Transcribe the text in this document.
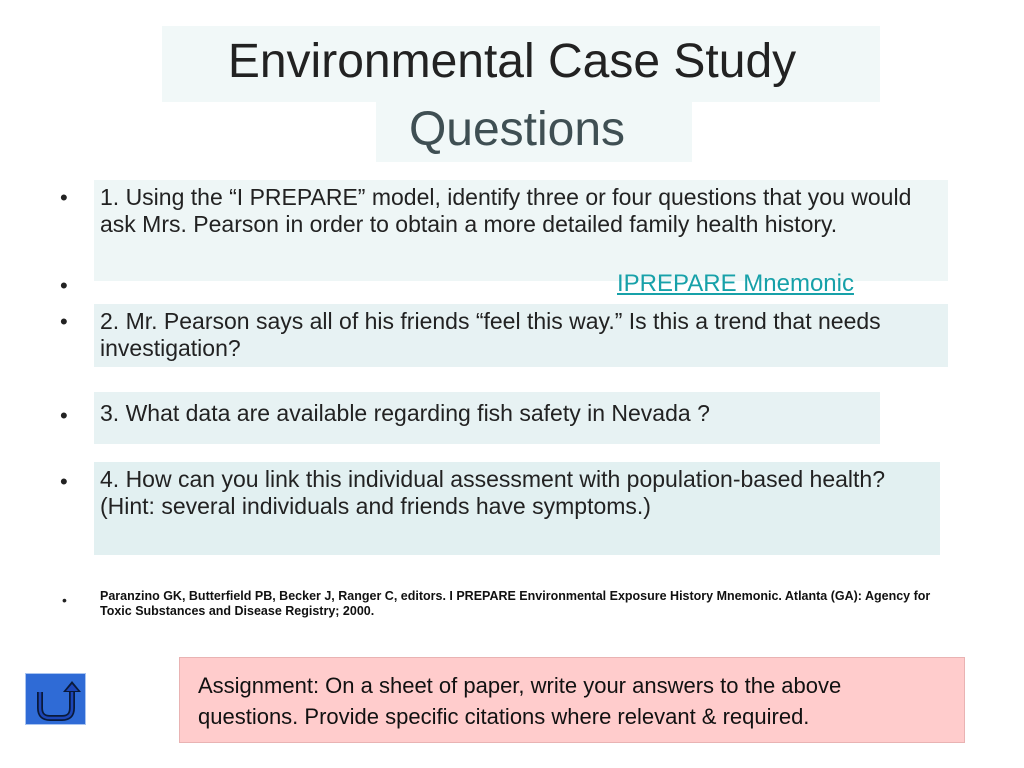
Environmental Case Study
Questions
• 1. Using the “I PREPARE” model, identify three or four questions that you would ask Mrs. Pearson in order to obtain a more detailed family health history.
•	IPREPARE Mnemonic
• 2. Mr. Pearson says all of his friends “feel this way.” Is this a trend that needs investigation?
• 3. What data are available regarding fish safety in Nevada ?
• 4. How can you link this individual assessment with population-based health? (Hint: several individuals and friends have symptoms.)
•	Paranzino GK, Butterfield PB, Becker J, Ranger C, editors. I PREPARE Environmental Exposure History Mnemonic. Atlanta (GA): Agency for Toxic Substances and Disease Registry; 2000.
Assignment: On a sheet of paper, write your answers to the above questions. Provide specific citations where relevant & required.
